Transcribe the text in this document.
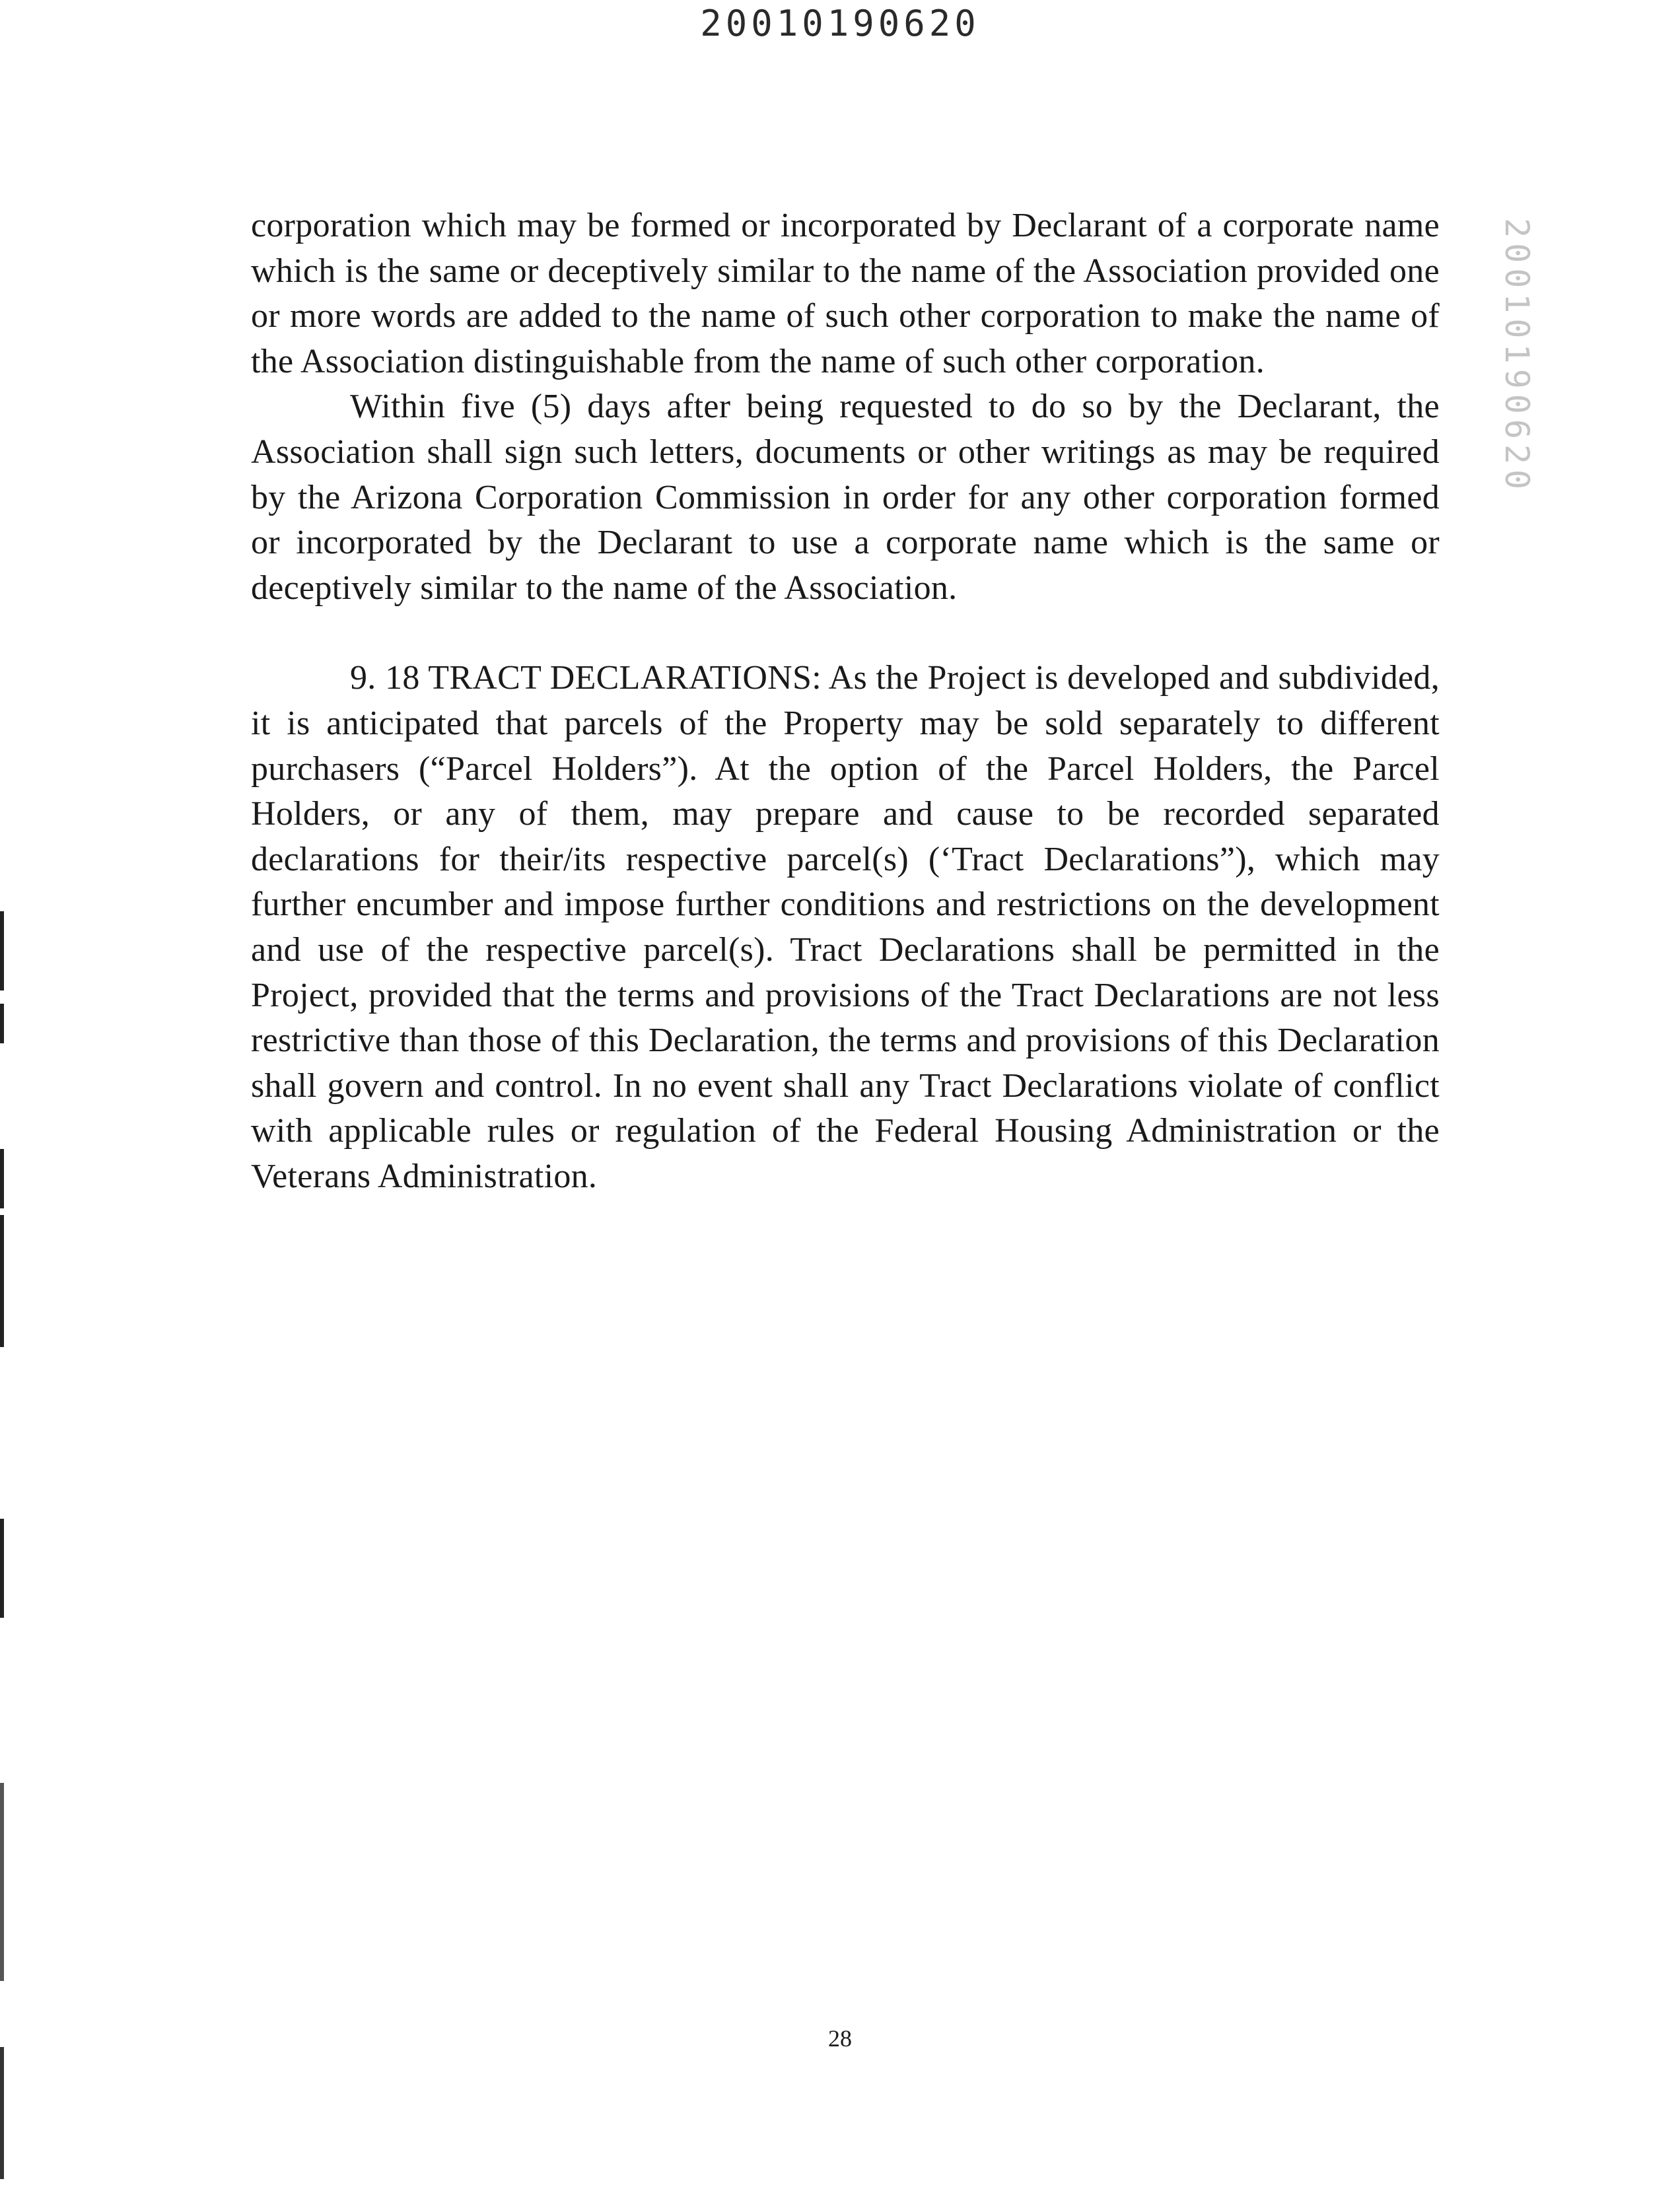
20010190620
20010190620

corporation which may be formed or incorporated by Declarant of a corporate name which is the same or deceptively similar to the name of the Association provided one or more words are added to the name of such other corporation to make the name of the Association distinguishable from the name of such other corporation.

Within five (5) days after being requested to do so by the Declarant, the Association shall sign such letters, documents or other writings as may be required by the Arizona Corporation Commission in order for any other corporation formed or incorporated by the Declarant to use a corporate name which is the same or deceptively similar to the name of the Association.

9. 18 TRACT DECLARATIONS: As the Project is developed and subdivided, it is anticipated that parcels of the Property may be sold separately to different purchasers (“Parcel Holders”). At the option of the Parcel Holders, the Parcel Holders, or any of them, may prepare and cause to be recorded separated declarations for their/its respective parcel(s) (‘Tract Declarations”), which may further encumber and impose further conditions and restrictions on the development and use of the respective parcel(s). Tract Declarations shall be permitted in the Project, provided that the terms and provisions of the Tract Declarations are not less restrictive than those of this Declaration, the terms and provisions of this Declaration shall govern and control. In no event shall any Tract Declarations violate of conflict with applicable rules or regulation of the Federal Housing Administration or the Veterans Administration.

28
